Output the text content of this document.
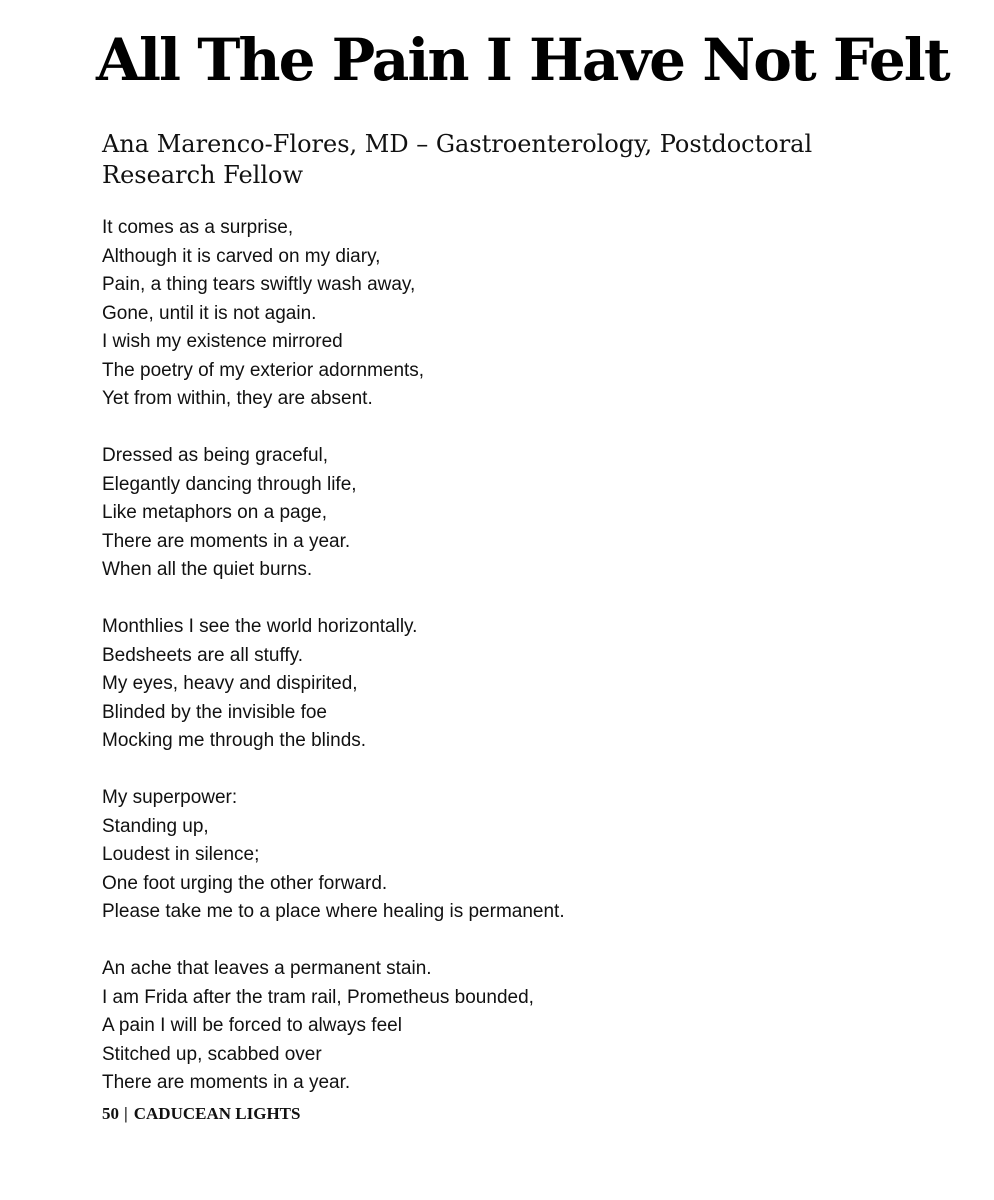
All The Pain I Have Not Felt

Ana Marenco-Flores, MD – Gastroenterology, Postdoctoral Research Fellow

It comes as a surprise,
Although it is carved on my diary,
Pain, a thing tears swiftly wash away,
Gone, until it is not again.
I wish my existence mirrored
The poetry of my exterior adornments,
Yet from within, they are absent.
Dressed as being graceful,
Elegantly dancing through life,
Like metaphors on a page,
There are moments in a year.
When all the quiet burns.
Monthlies I see the world horizontally.
Bedsheets are all stuffy.
My eyes, heavy and dispirited,
Blinded by the invisible foe
Mocking me through the blinds.
My superpower:
Standing up,
Loudest in silence;
One foot urging the other forward.
Please take me to a place where healing is permanent.
An ache that leaves a permanent stain.
I am Frida after the tram rail, Prometheus bounded,
A pain I will be forced to always feel
Stitched up, scabbed over
There are moments in a year.
50 | CADUCEAN LIGHTS
